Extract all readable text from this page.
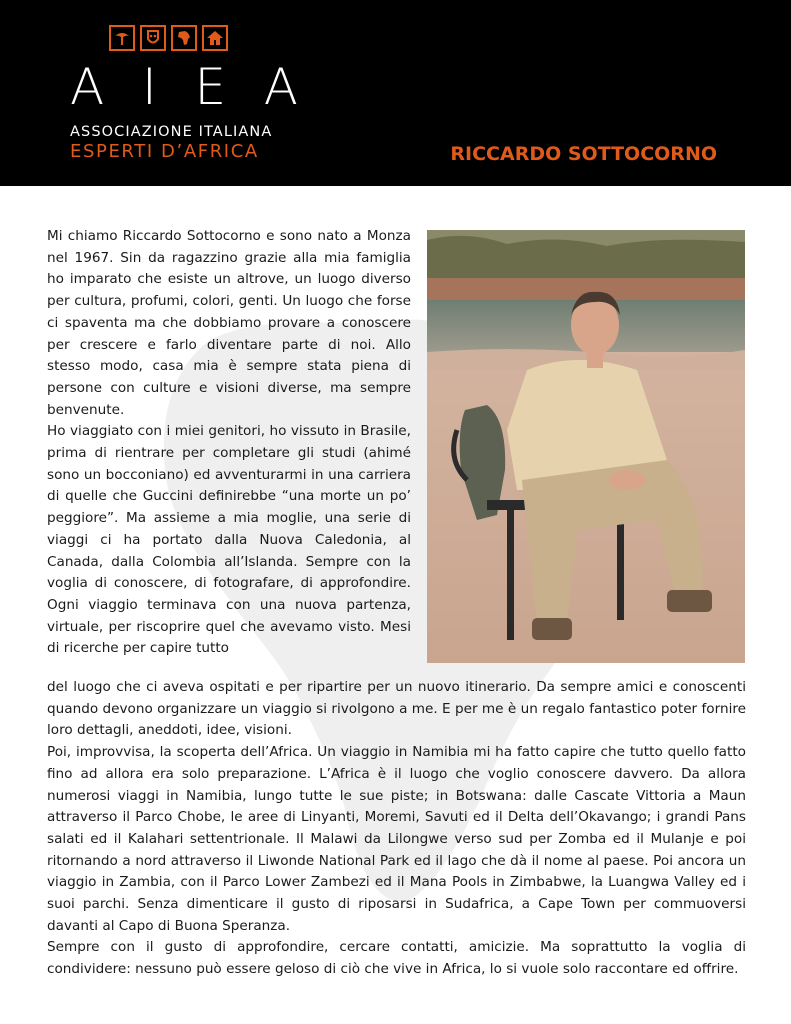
A I E A
ASSOCIAZIONE ITALIANA
ESPERTI D’AFRICA	RICCARDO SOTTOCORNO

Mi chiamo Riccardo Sottocorno e sono nato a Monza nel 1967. Sin da ragazzino grazie alla mia famiglia ho imparato che esiste un altrove, un luogo diverso per cultura, profumi, colori, genti. Un luogo che forse ci spaventa ma che dobbiamo provare a conoscere per crescere e farlo diventare parte di noi. Allo stesso modo, casa mia è sempre stata piena di persone con culture e visioni diverse, ma sempre benvenute.

Ho viaggiato con i miei genitori, ho vissuto in Brasile, prima di rientrare per completare gli studi (ahimé sono un bocconiano) ed avventurarmi in una carriera di quelle che Guccini definirebbe “una morte un po’ peggiore”. Ma assieme a mia moglie, una serie di viaggi ci ha portato dalla Nuova Caledonia, al Canada, dalla Colombia all’Islanda. Sempre con la voglia di conoscere, di fotografare, di approfondire. Ogni viaggio terminava con una nuova partenza, virtuale, per riscoprire quel che avevamo visto. Mesi di ricerche per capire tutto

del luogo che ci aveva ospitati e per ripartire per un nuovo itinerario. Da sempre amici e conoscenti quando devono organizzare un viaggio si rivolgono a me. E per me è un regalo fantastico poter fornire loro dettagli, aneddoti, idee, visioni.

Poi, improvvisa, la scoperta dell’Africa. Un viaggio in Namibia mi ha fatto capire che tutto quello fatto fino ad allora era solo preparazione. L’Africa è il luogo che voglio conoscere davvero. Da allora numerosi viaggi in Namibia, lungo tutte le sue piste; in Botswana: dalle Cascate Vittoria a Maun attraverso il Parco Chobe, le aree di Linyanti, Moremi, Savuti ed il Delta dell’Okavango; i grandi Pans salati ed il Kalahari settentrionale. Il Malawi da Lilongwe verso sud per Zomba ed il Mulanje e poi ritornando a nord attraverso il Liwonde National Park ed il lago che dà il nome al paese. Poi ancora un viaggio in Zambia, con il Parco Lower Zambezi ed il Mana Pools in Zimbabwe, la Luangwa Valley ed i suoi parchi. Senza dimenticare il gusto di riposarsi in Sudafrica, a Cape Town per commuoversi davanti al Capo di Buona Speranza.

Sempre con il gusto di approfondire, cercare contatti, amicizie. Ma soprattutto la voglia di condividere: nessuno può essere geloso di ciò che vive in Africa, lo si vuole solo raccontare ed offrire.
